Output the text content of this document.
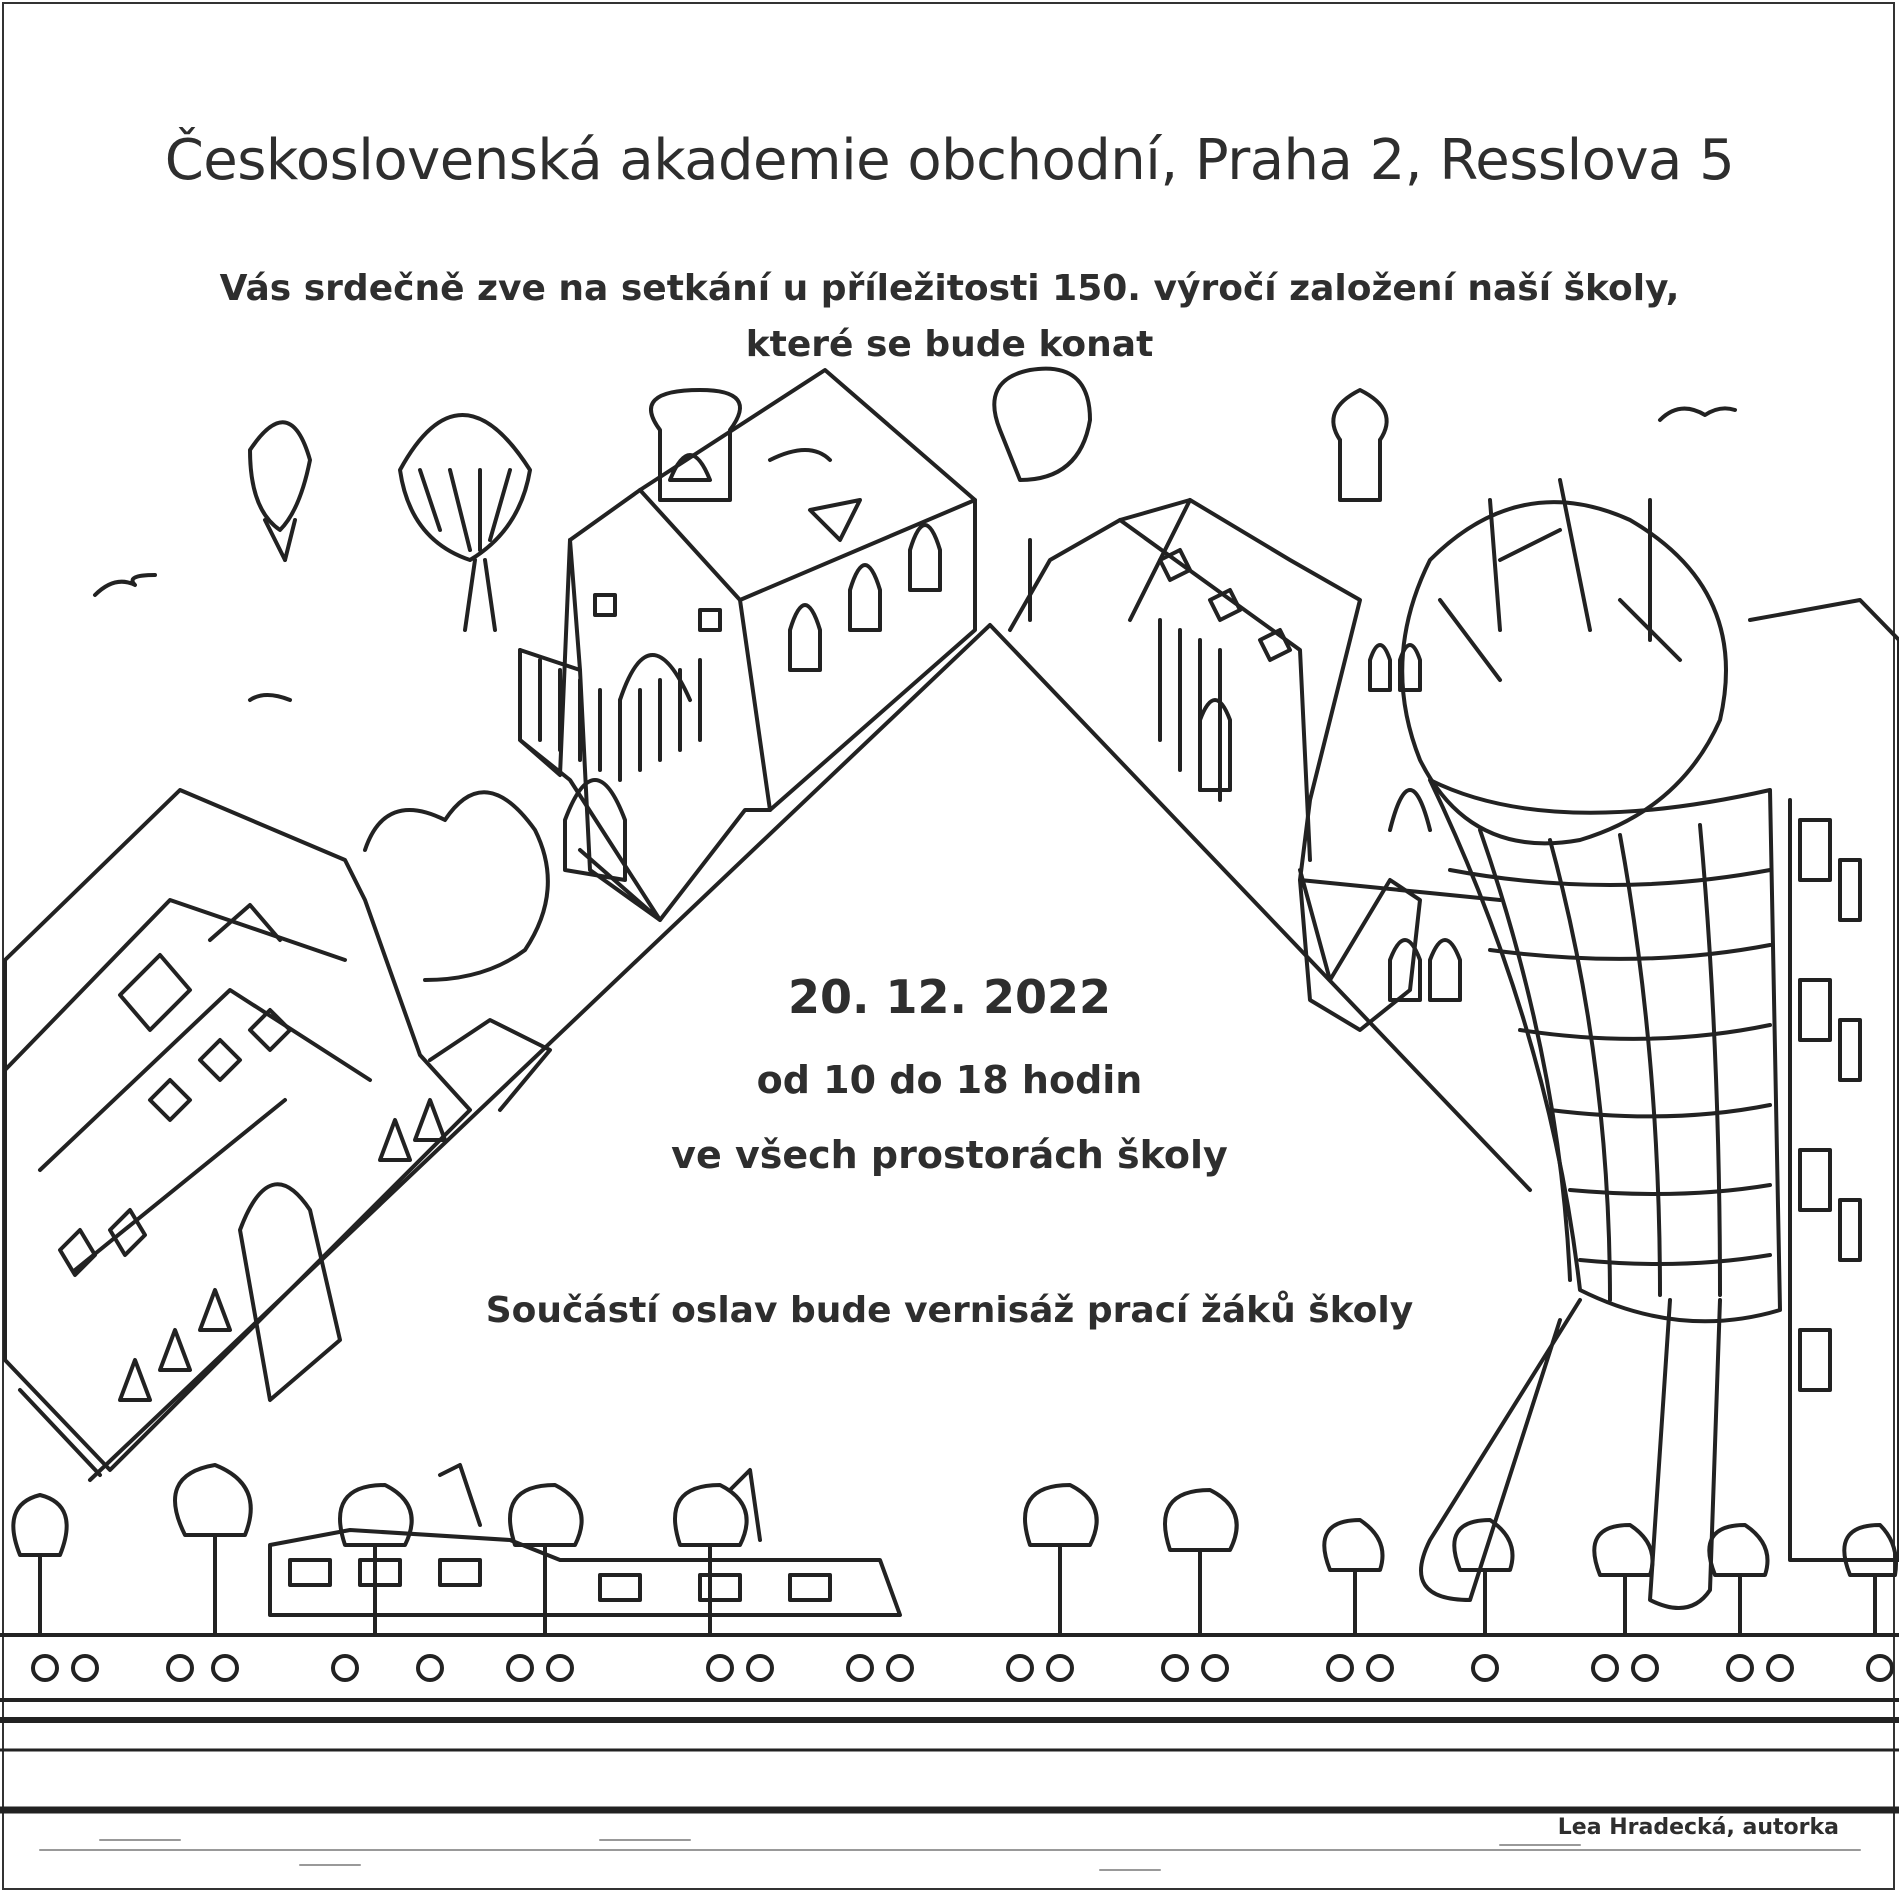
Československá akademie obchodní, Praha 2, Resslova 5
Vás srdečně zve na setkání u příležitosti 150. výročí založení naší školy,
které se bude konat
20. 12. 2022
od 10 do 18 hodin
ve všech prostorách školy
Součástí oslav bude vernisáž prací žáků školy
Lea Hradecká, autorka
